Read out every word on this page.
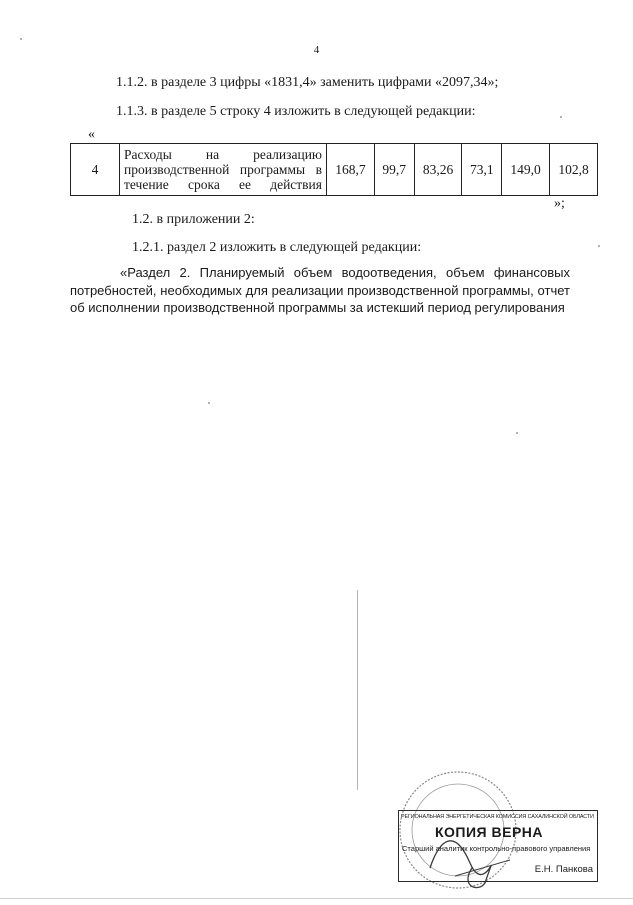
4
1.1.2. в разделе 3 цифры «1831,4» заменить цифрами «2097,34»;
1.1.3. в разделе 5 строку 4 изложить в следующей редакции:
«
4	Расходы на реализацию производственной программы в течение срока ее действия	168,7	99,7	83,26	73,1	149,0	102,8
»;
1.2. в приложении 2:
1.2.1. раздел 2 изложить в следующей редакции:
«Раздел 2. Планируемый объем водоотведения, объем финансовых потребностей, необходимых для реализации производственной программы, отчет об исполнении производственной программы за истекший период регулирования
РЕГИОНАЛЬНАЯ ЭНЕРГЕТИЧЕСКАЯ КОМИССИЯ САХАЛИНСКОЙ ОБЛАСТИ
КОПИЯ ВЕРНА
Старший аналитик контрольно-правового управления
Е.Н. Панкова
